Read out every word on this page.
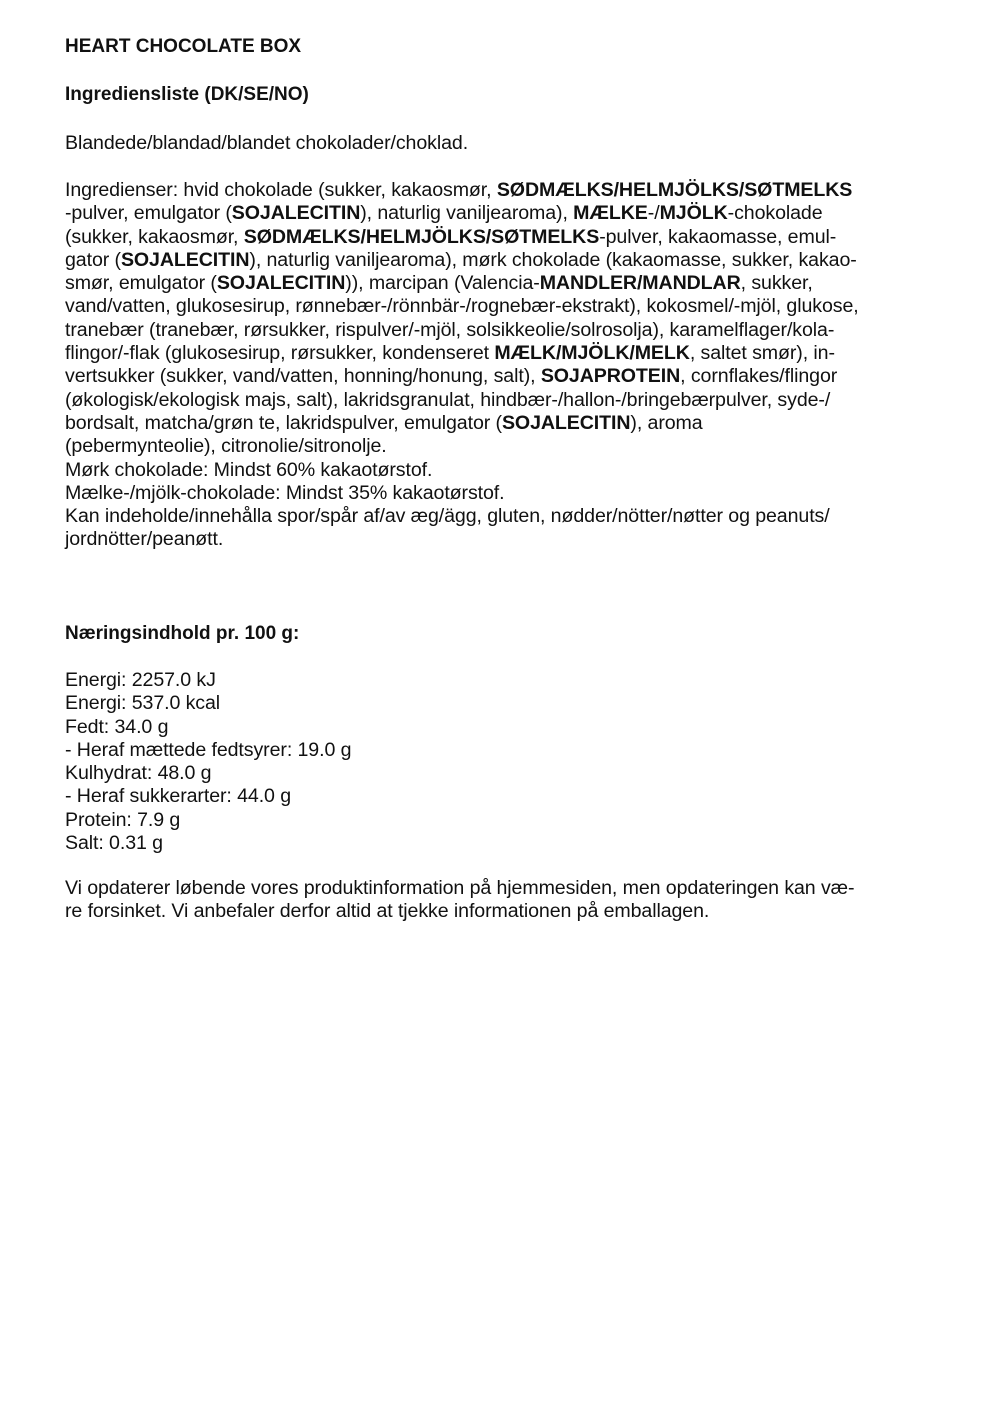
HEART CHOCOLATE BOX
Ingrediensliste (DK/SE/NO)
Blandede/blandad/blandet chokolader/choklad.
Ingredienser: hvid chokolade (sukker, kakaosmør, SØDMÆLKS/HELMJÖLKS/SØTMELKS
-pulver, emulgator (SOJALECITIN), naturlig vaniljearoma), MÆLKE-/MJÖLK-chokolade
(sukker, kakaosmør, SØDMÆLKS/HELMJÖLKS/SØTMELKS-pulver, kakaomasse, emul-
gator (SOJALECITIN), naturlig vaniljearoma), mørk chokolade (kakaomasse, sukker, kakao-
smør, emulgator (SOJALECITIN)), marcipan (Valencia-MANDLER/MANDLAR, sukker,
vand/vatten, glukosesirup, rønnebær-/rönnbär-/rognebær-ekstrakt), kokosmel/-mjöl, glukose,
tranebær (tranebær, rørsukker, rispulver/-mjöl, solsikkeolie/solrosolja), karamelflager/kola-
flingor/-flak (glukosesirup, rørsukker, kondenseret MÆLK/MJÖLK/MELK, saltet smør), in-
vertsukker (sukker, vand/vatten, honning/honung, salt), SOJAPROTEIN, cornflakes/flingor
(økologisk/ekologisk majs, salt), lakridsgranulat, hindbær-/hallon-/bringebærpulver, syde-/
bordsalt, matcha/grøn te, lakridspulver, emulgator (SOJALECITIN), aroma
(pebermynteolie), citronolie/sitronolje.
Mørk chokolade: Mindst 60% kakaotørstof.
Mælke-/mjölk-chokolade: Mindst 35% kakaotørstof.
Kan indeholde/innehålla spor/spår af/av æg/ägg, gluten, nødder/nötter/nøtter og peanuts/
jordnötter/peanøtt.
Næringsindhold pr. 100 g:
Energi: 2257.0 kJ
Energi: 537.0 kcal
Fedt: 34.0 g
- Heraf mættede fedtsyrer: 19.0 g
Kulhydrat: 48.0 g
- Heraf sukkerarter: 44.0 g
Protein: 7.9 g
Salt: 0.31 g
Vi opdaterer løbende vores produktinformation på hjemmesiden, men opdateringen kan væ-
re forsinket. Vi anbefaler derfor altid at tjekke informationen på emballagen.
